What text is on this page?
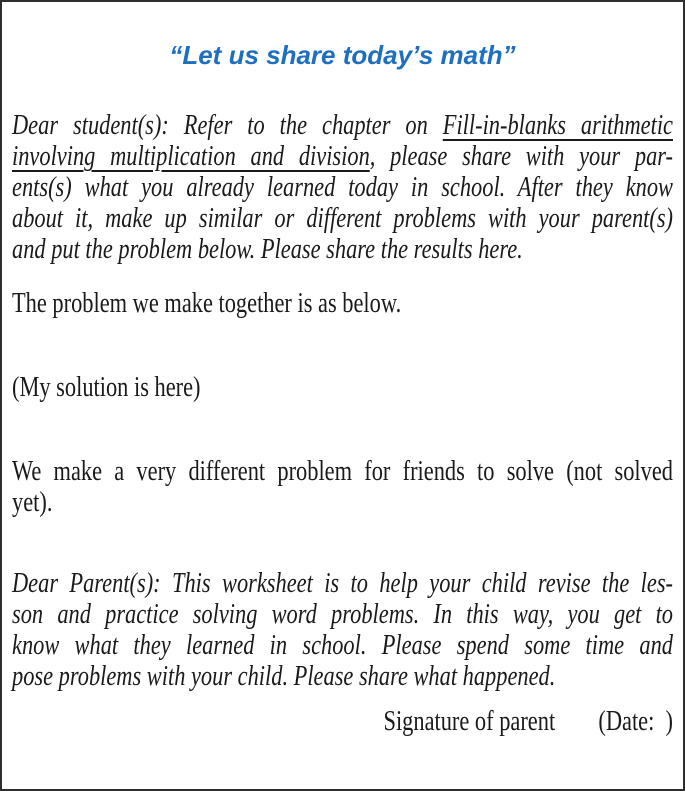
“Let us share today’s math”
Dear student(s): Refer to the chapter on Fill-in-blanks arithmetic
involving multiplication and division, please share with your par-
ents(s) what you already learned today in school. After they know
about it, make up similar or different problems with your parent(s)
and put the problem below. Please share the results here.
The problem we make together is as below.
(My solution is here)
We make a very different problem for friends to solve (not solved
yet).
Dear Parent(s): This worksheet is to help your child revise the les-
son and practice solving word problems. In this way, you get to
know what they learned in school. Please spend some time and
pose problems with your child. Please share what happened.
Signature of parent (Date:  )
